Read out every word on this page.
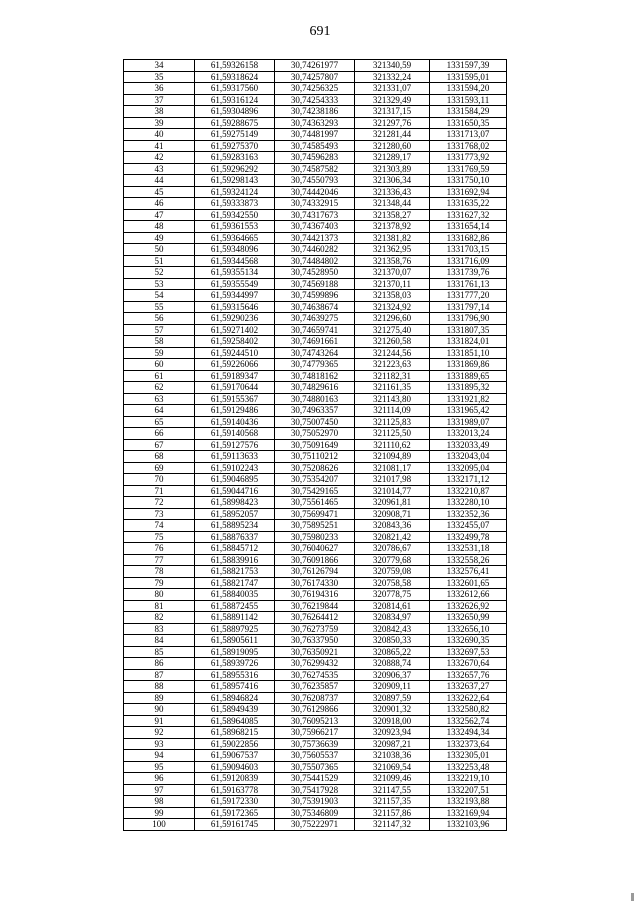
691
34	61,59326158	30,74261977	321340,59	1331597,39
35	61,59318624	30,74257807	321332,24	1331595,01
36	61,59317560	30,74256325	321331,07	1331594,20
37	61,59316124	30,74254333	321329,49	1331593,11
38	61,59304896	30,74238186	321317,15	1331584,29
39	61,59288675	30,74363293	321297,76	1331650,35
40	61,59275149	30,74481997	321281,44	1331713,07
41	61,59275370	30,74585493	321280,60	1331768,02
42	61,59283163	30,74596283	321289,17	1331773,92
43	61,59296292	30,74587582	321303,89	1331769,59
44	61,59298143	30,74550793	321306,34	1331750,10
45	61,59324124	30,74442046	321336,43	1331692,94
46	61,59333873	30,74332915	321348,44	1331635,22
47	61,59342550	30,74317673	321358,27	1331627,32
48	61,59361553	30,74367403	321378,92	1331654,14
49	61,59364665	30,74421373	321381,82	1331682,86
50	61,59348096	30,74460282	321362,95	1331703,15
51	61,59344568	30,74484802	321358,76	1331716,09
52	61,59355134	30,74528950	321370,07	1331739,76
53	61,59355549	30,74569188	321370,11	1331761,13
54	61,59344997	30,74599896	321358,03	1331777,20
55	61,59315646	30,74638674	321324,92	1331797,14
56	61,59290236	30,74639275	321296,60	1331796,90
57	61,59271402	30,74659741	321275,40	1331807,35
58	61,59258402	30,74691661	321260,58	1331824,01
59	61,59244510	30,74743264	321244,56	1331851,10
60	61,59226066	30,74779365	321223,63	1331869,86
61	61,59189347	30,74818162	321182,31	1331889,65
62	61,59170644	30,74829616	321161,35	1331895,32
63	61,59155367	30,74880163	321143,80	1331921,82
64	61,59129486	30,74963357	321114,09	1331965,42
65	61,59140436	30,75007450	321125,83	1331989,07
66	61,59140568	30,75052970	321125,50	1332013,24
67	61,59127576	30,75091649	321110,62	1332033,49
68	61,59113633	30,75110212	321094,89	1332043,04
69	61,59102243	30,75208626	321081,17	1332095,04
70	61,59046895	30,75354207	321017,98	1332171,12
71	61,59044716	30,75429165	321014,77	1332210,87
72	61,58998423	30,75561465	320961,81	1332280,10
73	61,58952057	30,75699471	320908,71	1332352,36
74	61,58895234	30,75895251	320843,36	1332455,07
75	61,58876337	30,75980233	320821,42	1332499,78
76	61,58845712	30,76040627	320786,67	1332531,18
77	61,58839916	30,76091866	320779,68	1332558,26
78	61,58821753	30,76126794	320759,08	1332576,41
79	61,58821747	30,76174330	320758,58	1332601,65
80	61,58840035	30,76194316	320778,75	1332612,66
81	61,58872455	30,76219844	320814,61	1332626,92
82	61,58891142	30,76264412	320834,97	1332650,99
83	61,58897925	30,76273759	320842,43	1332656,10
84	61,58905611	30,76337950	320850,33	1332690,35
85	61,58919095	30,76350921	320865,22	1332697,53
86	61,58939726	30,76299432	320888,74	1332670,64
87	61,58955316	30,76274535	320906,37	1332657,76
88	61,58957416	30,76235857	320909,11	1332637,27
89	61,58946824	30,76208737	320897,59	1332622,64
90	61,58949439	30,76129866	320901,32	1332580,82
91	61,58964085	30,76095213	320918,00	1332562,74
92	61,58968215	30,75966217	320923,94	1332494,34
93	61,59022856	30,75736639	320987,21	1332373,64
94	61,59067537	30,75605537	321038,36	1332305,01
95	61,59094603	30,75507365	321069,54	1332253,48
96	61,59120839	30,75441529	321099,46	1332219,10
97	61,59163778	30,75417928	321147,55	1332207,51
98	61,59172330	30,75391903	321157,35	1332193,88
99	61,59172365	30,75346809	321157,86	1332169,94
100	61,59161745	30,75222971	321147,32	1332103,96
